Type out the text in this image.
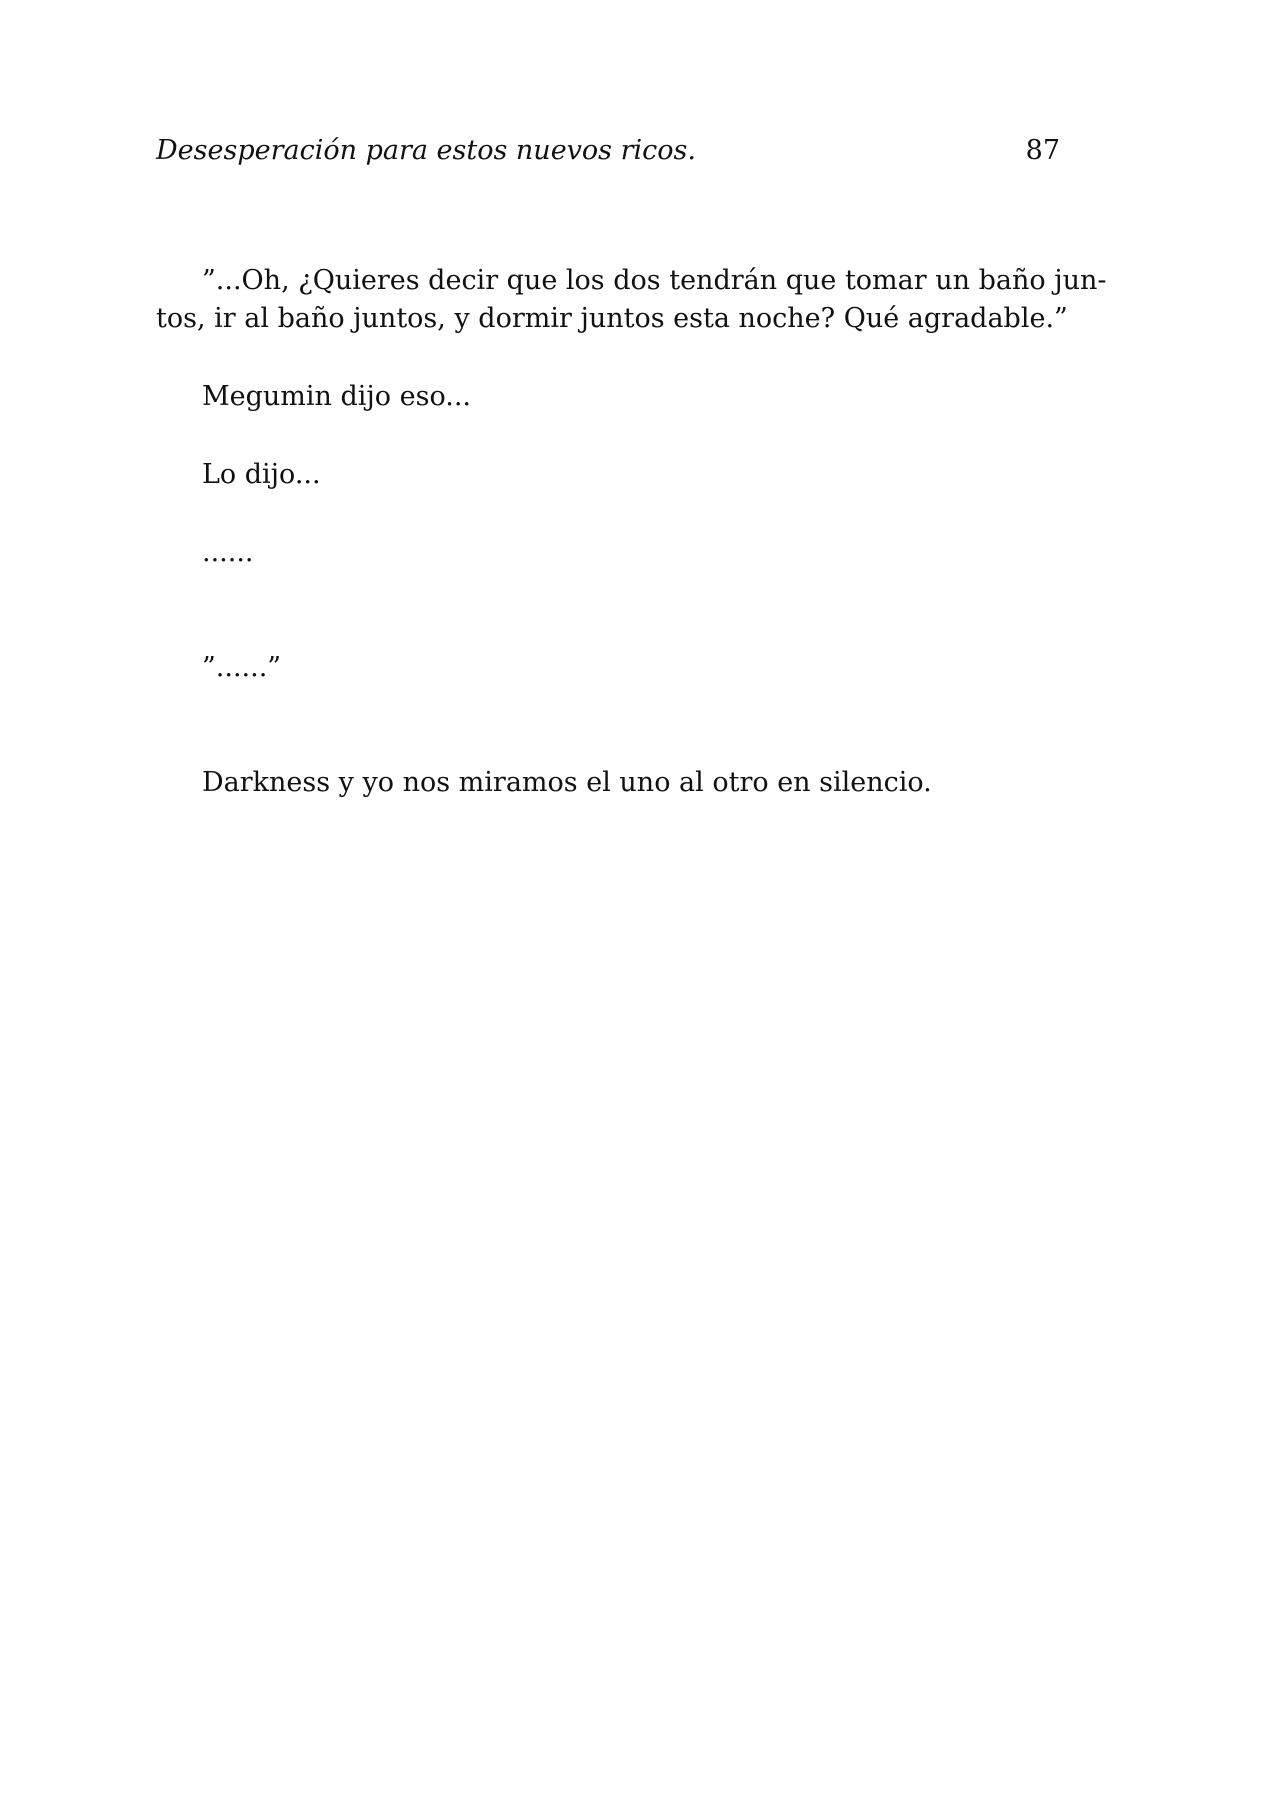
Desesperación para estos nuevos ricos.	87

”...Oh, ¿Quieres decir que los dos tendrán que tomar un baño jun-
tos, ir al baño juntos, y dormir juntos esta noche? Qué agradable.”

Megumin dijo eso...

Lo dijo...

......

”......”

Darkness y yo nos miramos el uno al otro en silencio.
